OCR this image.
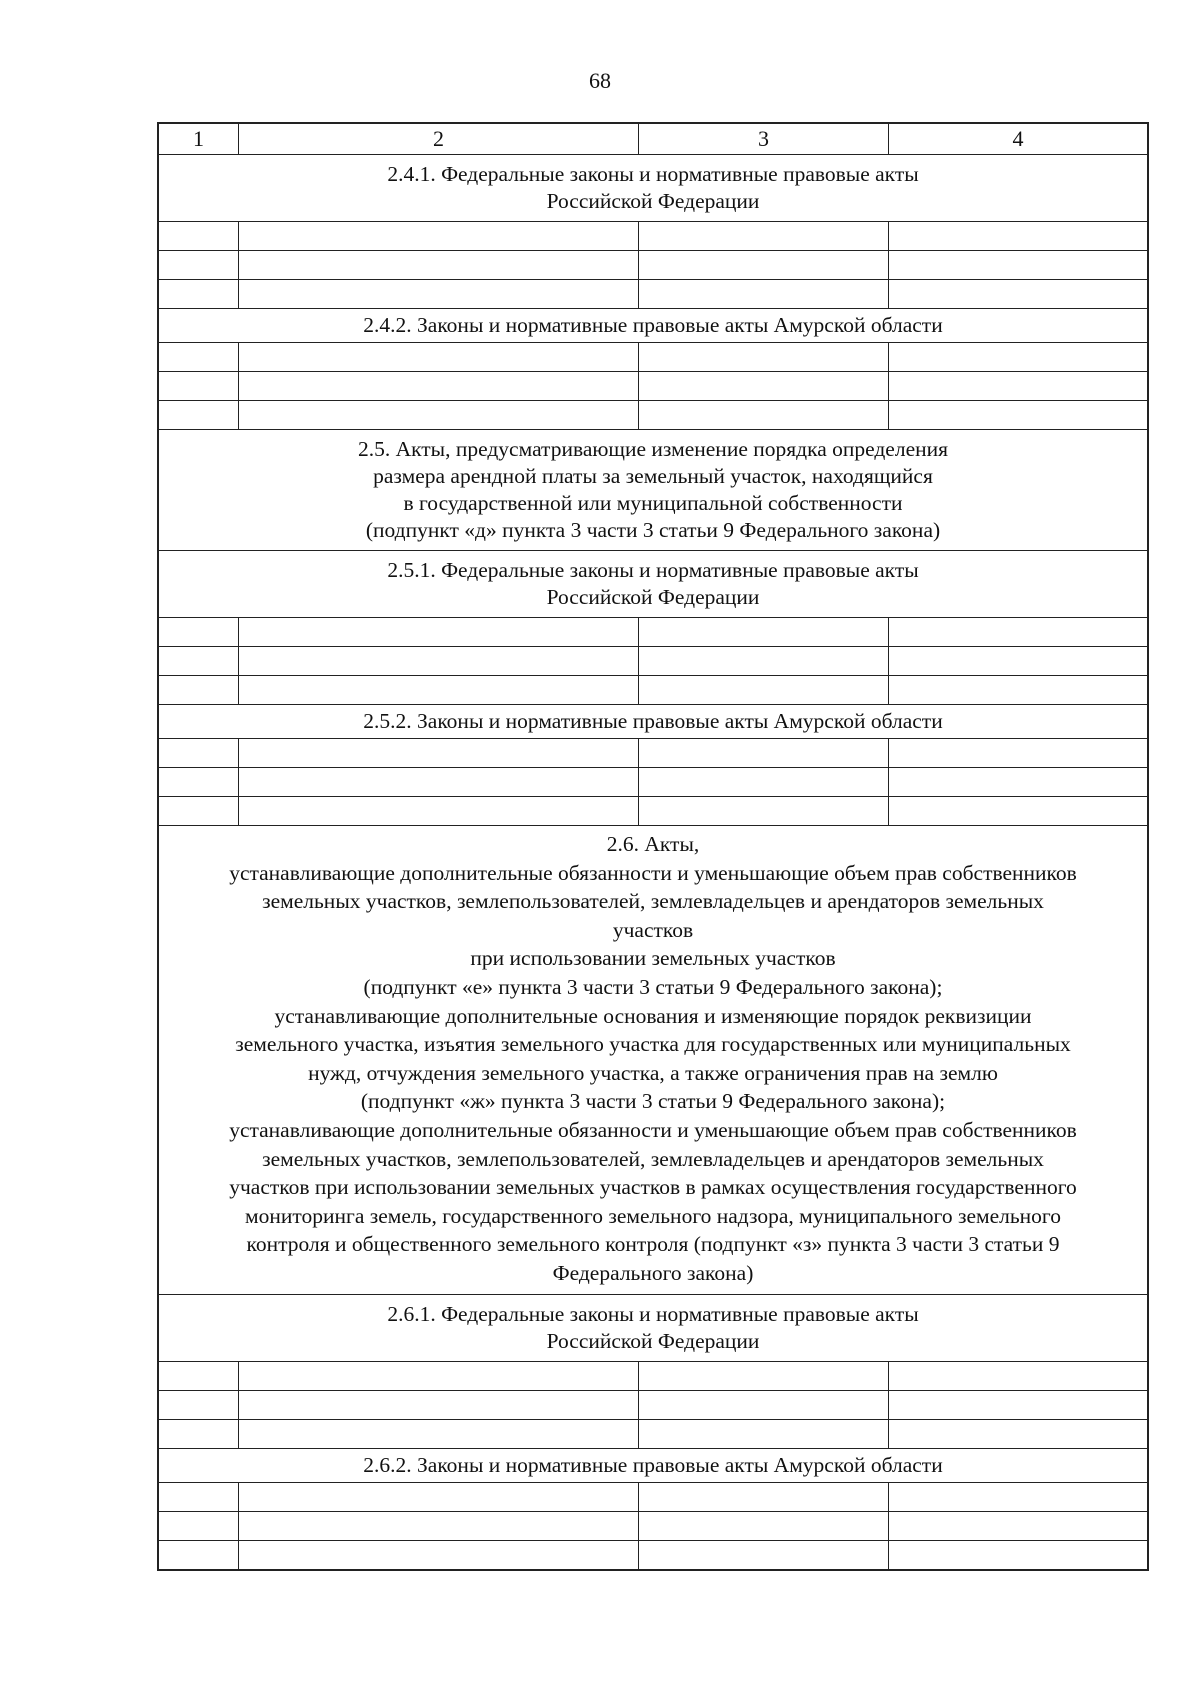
68
1	2	3	4
2.4.1. Федеральные законы и нормативные правовые акты
Российской Федерации
2.4.2. Законы и нормативные правовые акты Амурской области
2.5. Акты, предусматривающие изменение порядка определения
размера арендной платы за земельный участок, находящийся
в государственной или муниципальной собственности
(подпункт «д» пункта 3 части 3 статьи 9 Федерального закона)
2.5.1. Федеральные законы и нормативные правовые акты
Российской Федерации
2.5.2. Законы и нормативные правовые акты Амурской области
2.6. Акты,
устанавливающие дополнительные обязанности и уменьшающие объем прав собственников
земельных участков, землепользователей, землевладельцев и арендаторов земельных
участков
при использовании земельных участков
(подпункт «е» пункта 3 части 3 статьи 9 Федерального закона);
устанавливающие дополнительные основания и изменяющие порядок реквизиции
земельного участка, изъятия земельного участка для государственных или муниципальных
нужд, отчуждения земельного участка, а также ограничения прав на землю
(подпункт «ж» пункта 3 части 3 статьи 9 Федерального закона);
устанавливающие дополнительные обязанности и уменьшающие объем прав собственников
земельных участков, землепользователей, землевладельцев и арендаторов земельных
участков при использовании земельных участков в рамках осуществления государственного
мониторинга земель, государственного земельного надзора, муниципального земельного
контроля и общественного земельного контроля (подпункт «з» пункта 3 части 3 статьи 9
Федерального закона)
2.6.1. Федеральные законы и нормативные правовые акты
Российской Федерации
2.6.2. Законы и нормативные правовые акты Амурской области
